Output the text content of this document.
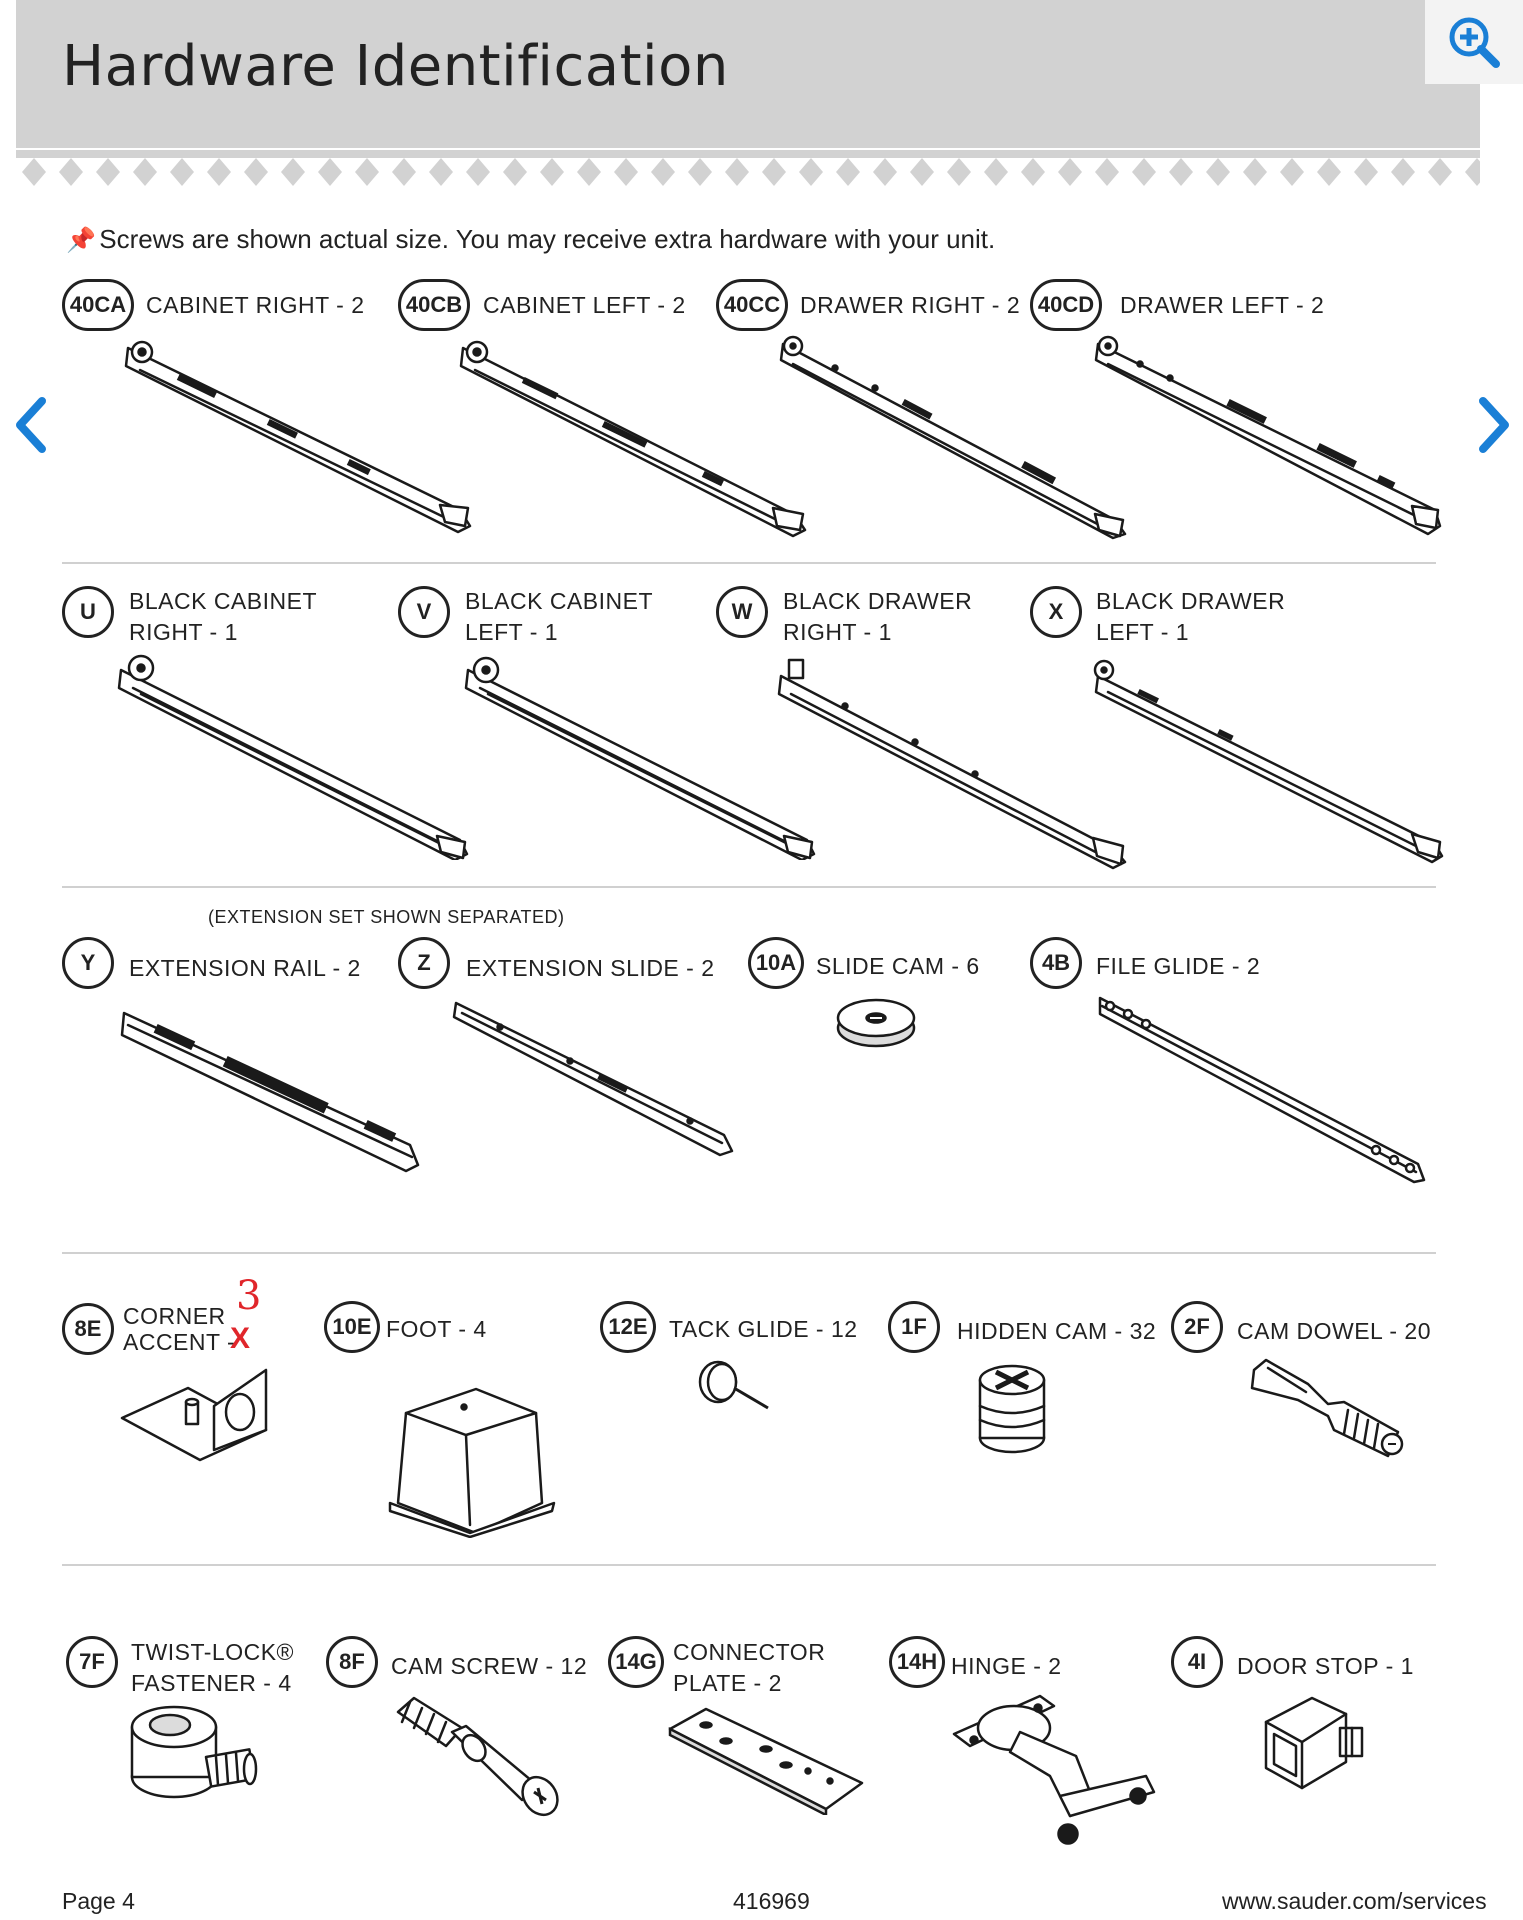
Hardware Identification
📌 Screws are shown actual size. You may receive extra hardware with your unit.
40CA CABINET RIGHT - 2	40CB CABINET LEFT - 2	40CC DRAWER RIGHT - 2 40CD	DRAWER LEFT - 2
U	BLACK CABINET
RIGHT - 1
V	BLACK CABINET
LEFT - 1
W	BLACK DRAWER
RIGHT - 1
X	BLACK DRAWER
LEFT - 1
(EXTENSION SET SHOWN SEPARATED)
Y	EXTENSION RAIL - 2	Z	EXTENSION SLIDE - 2	10A SLIDE CAM - 6	4B	FILE GLIDE - 2
8E CORNER
ACCENT -
3
X	10E FOOT - 4	12E TACK GLIDE - 12	1F	HIDDEN CAM - 32	2F	CAM DOWEL - 20
7F	TWIST-LOCK®
FASTENER - 4
8F	CAM SCREW - 12	14G CONNECTOR
PLATE - 2
14H HINGE - 2	4I	DOOR STOP - 1
Page 4	416969	www.sauder.com/services
